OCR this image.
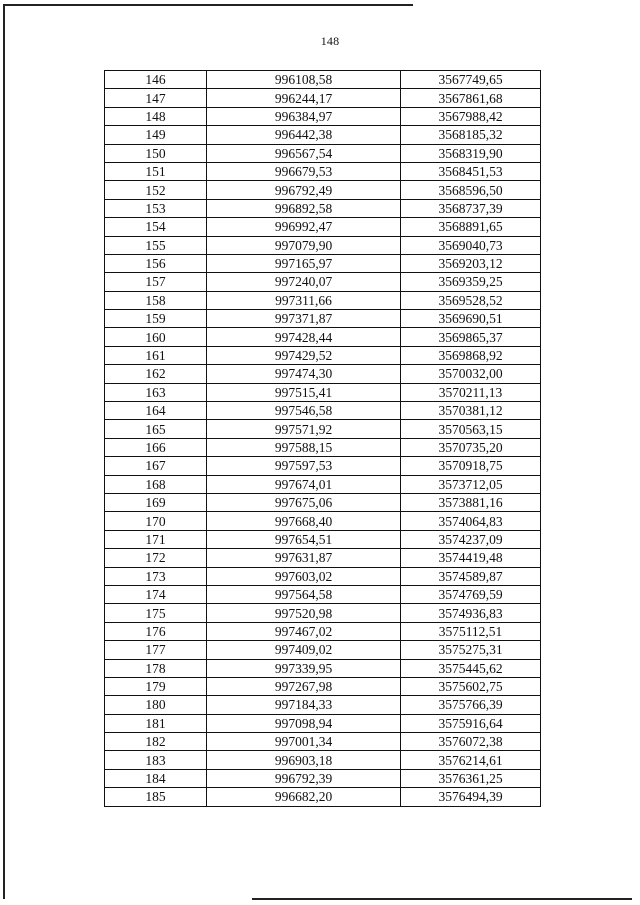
148
146	996108,58	3567749,65
147	996244,17	3567861,68
148	996384,97	3567988,42
149	996442,38	3568185,32
150	996567,54	3568319,90
151	996679,53	3568451,53
152	996792,49	3568596,50
153	996892,58	3568737,39
154	996992,47	3568891,65
155	997079,90	3569040,73
156	997165,97	3569203,12
157	997240,07	3569359,25
158	997311,66	3569528,52
159	997371,87	3569690,51
160	997428,44	3569865,37
161	997429,52	3569868,92
162	997474,30	3570032,00
163	997515,41	3570211,13
164	997546,58	3570381,12
165	997571,92	3570563,15
166	997588,15	3570735,20
167	997597,53	3570918,75
168	997674,01	3573712,05
169	997675,06	3573881,16
170	997668,40	3574064,83
171	997654,51	3574237,09
172	997631,87	3574419,48
173	997603,02	3574589,87
174	997564,58	3574769,59
175	997520,98	3574936,83
176	997467,02	3575112,51
177	997409,02	3575275,31
178	997339,95	3575445,62
179	997267,98	3575602,75
180	997184,33	3575766,39
181	997098,94	3575916,64
182	997001,34	3576072,38
183	996903,18	3576214,61
184	996792,39	3576361,25
185	996682,20	3576494,39
